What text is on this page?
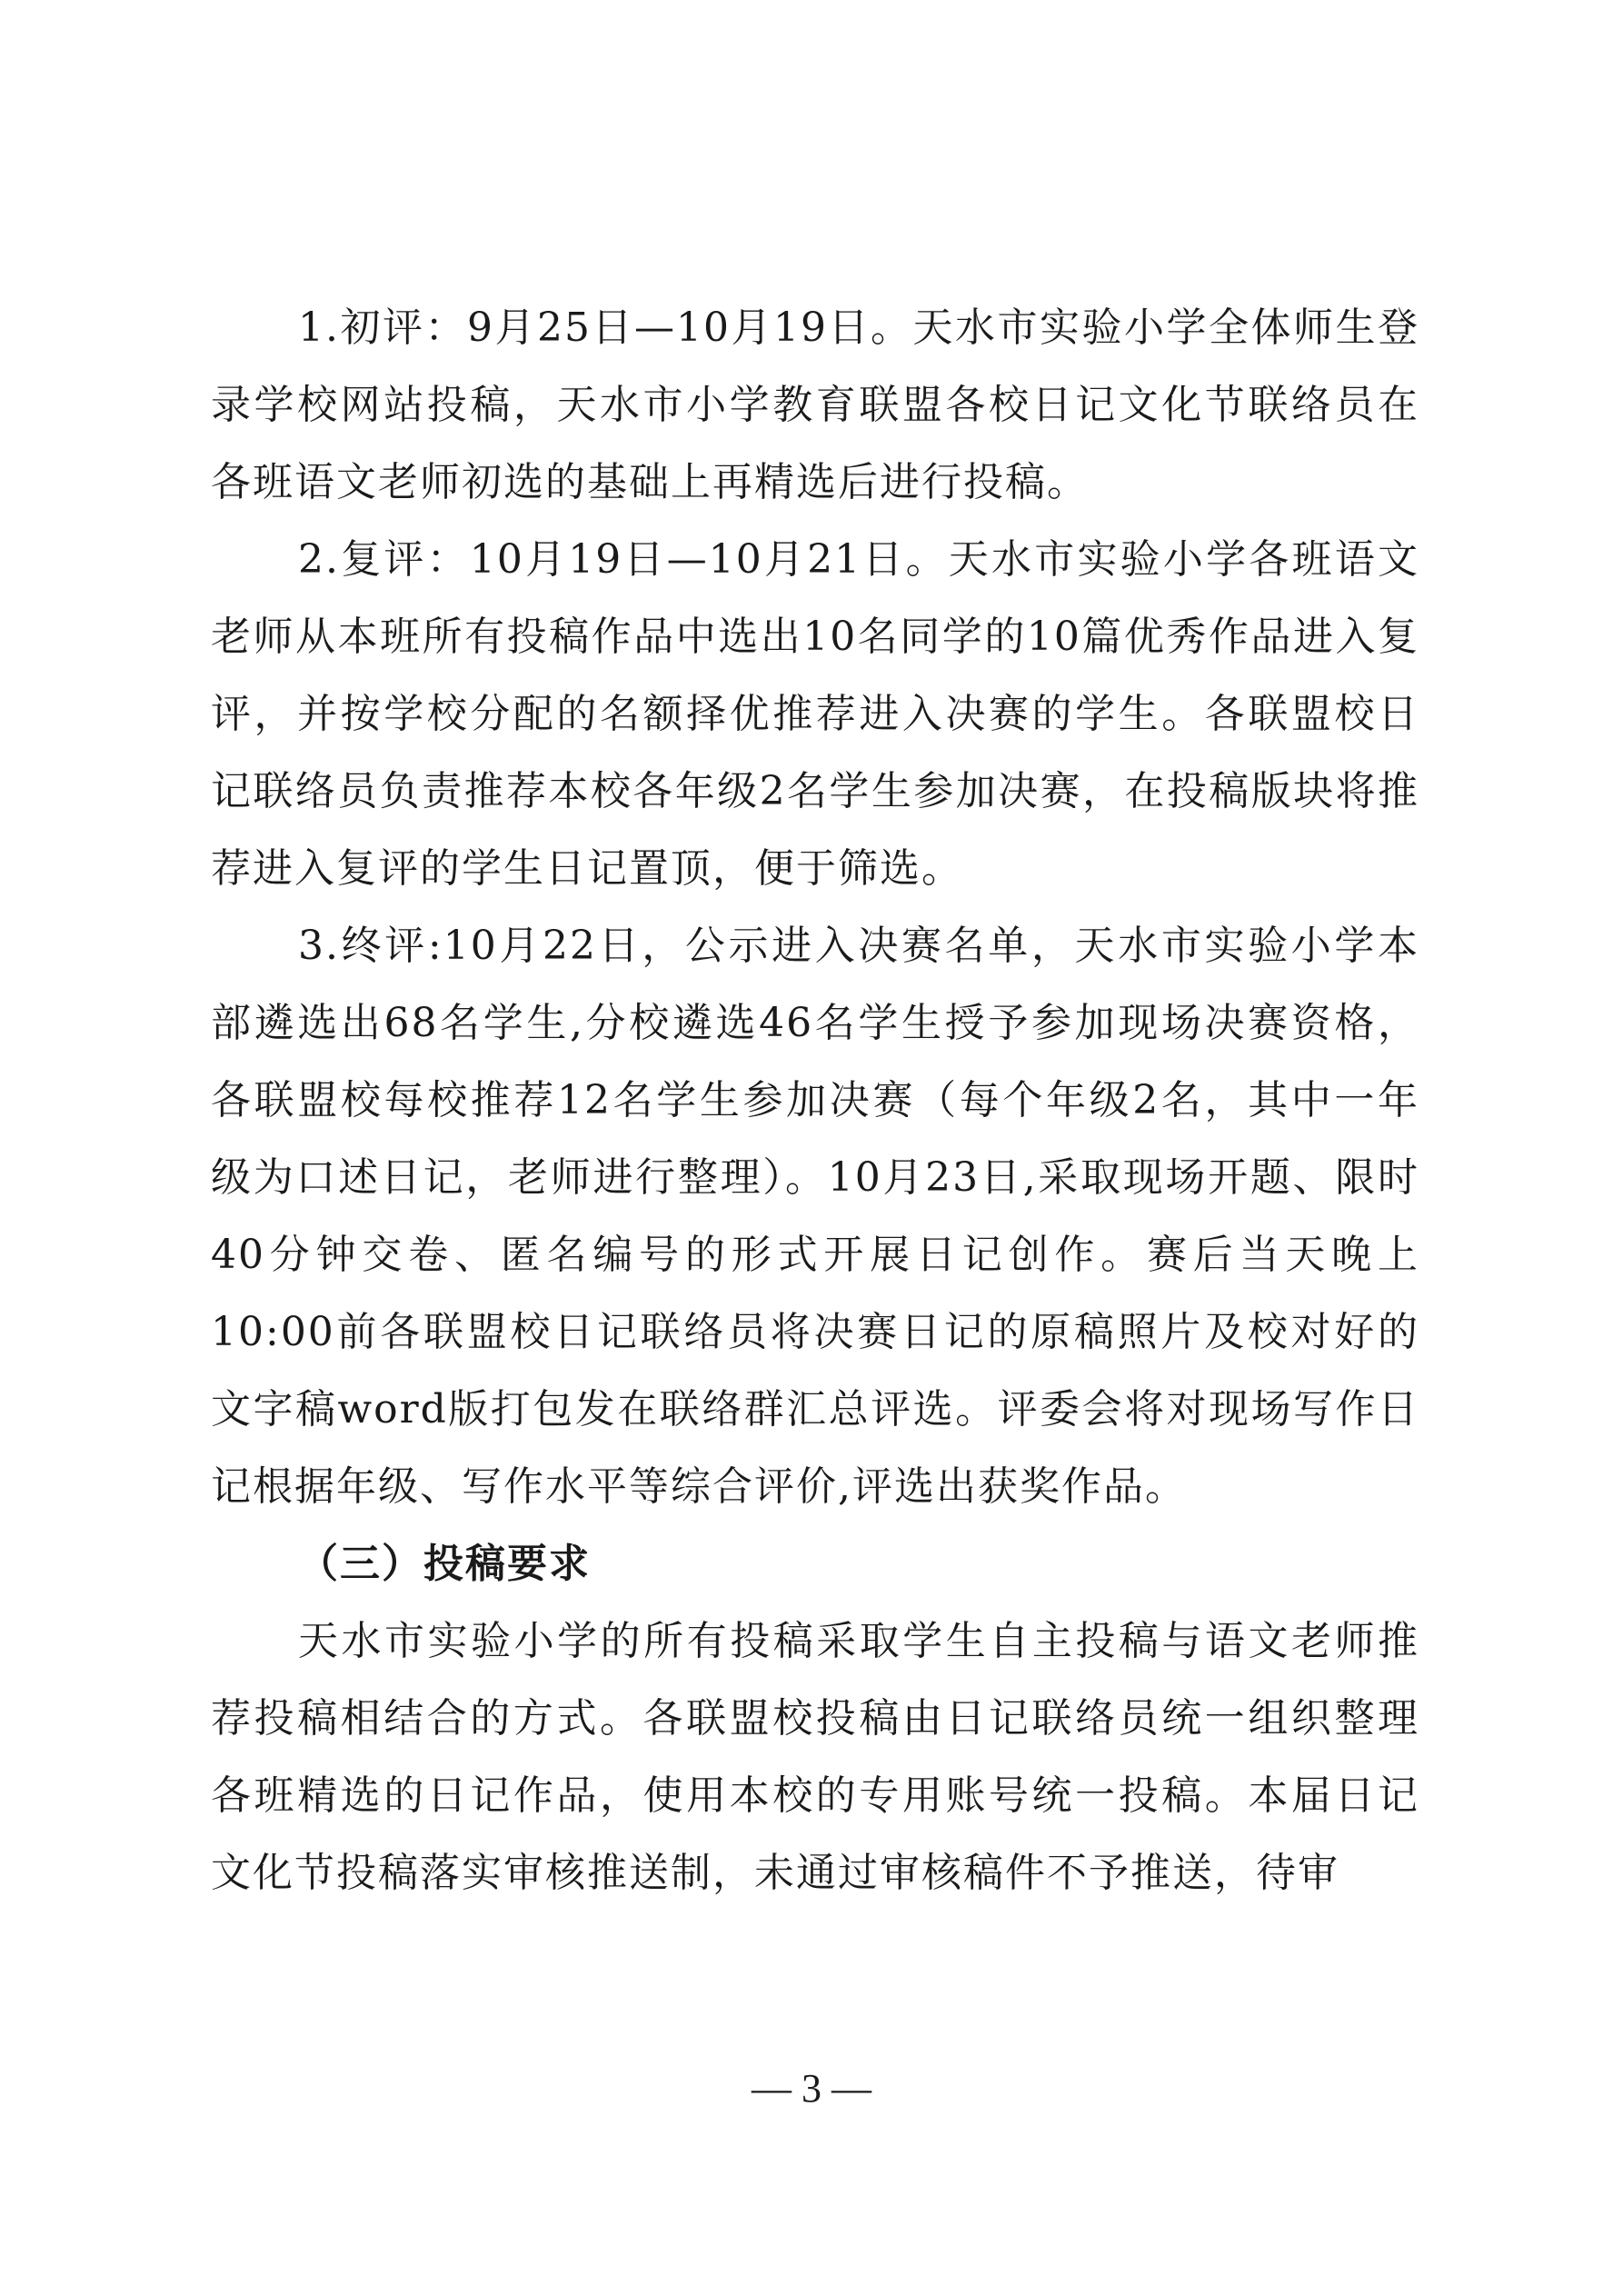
1.初评：9月25日—10月19日。天水市实验小学全体师生登录学校网站投稿，天水市小学教育联盟各校日记文化节联络员在各班语文老师初选的基础上再精选后进行投稿。

2.复评：10月19日—10月21日。天水市实验小学各班语文老师从本班所有投稿作品中选出10名同学的10篇优秀作品进入复评，并按学校分配的名额择优推荐进入决赛的学生。各联盟校日记联络员负责推荐本校各年级2名学生参加决赛，在投稿版块将推荐进入复评的学生日记置顶，便于筛选。

3.终评:10月22日，公示进入决赛名单，天水市实验小学本部遴选出68名学生,分校遴选46名学生授予参加现场决赛资格，各联盟校每校推荐12名学生参加决赛（每个年级2名，其中一年级为口述日记，老师进行整理）。10月23日,采取现场开题、限时40分钟交卷、匿名编号的形式开展日记创作。赛后当天晚上10:00前各联盟校日记联络员将决赛日记的原稿照片及校对好的文字稿word版打包发在联络群汇总评选。评委会将对现场写作日记根据年级、写作水平等综合评价,评选出获奖作品。

（三）投稿要求

天水市实验小学的所有投稿采取学生自主投稿与语文老师推荐投稿相结合的方式。各联盟校投稿由日记联络员统一组织整理各班精选的日记作品，使用本校的专用账号统一投稿。本届日记文化节投稿落实审核推送制，未通过审核稿件不予推送，待审

— 3 —
